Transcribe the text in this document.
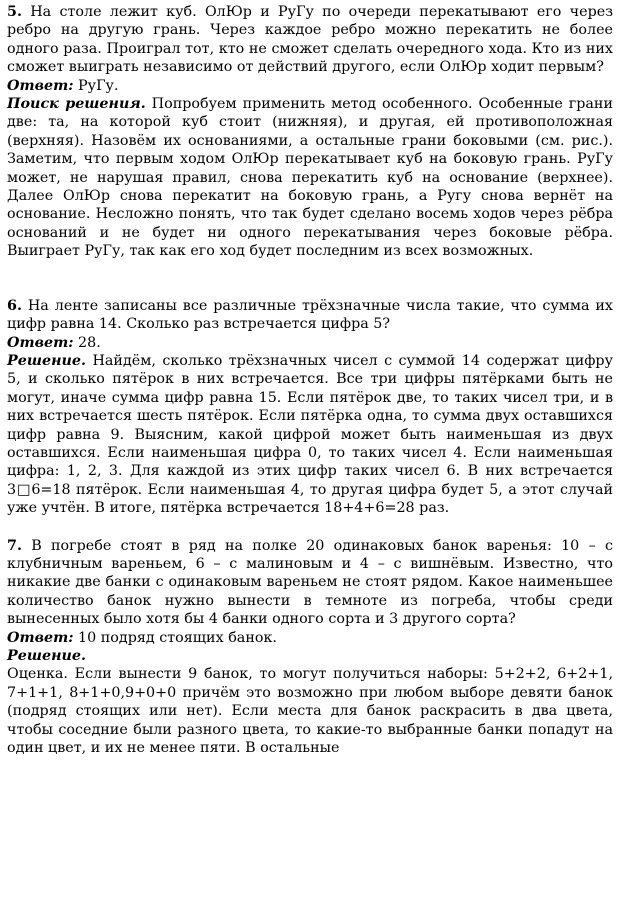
5. На столе лежит куб. ОлЮр и РуГу по очереди перекатывают его через ребро на другую грань. Через каждое ребро можно перекатить не более одного раза. Проиграл тот, кто не сможет сделать очередного хода. Кто из них сможет выиграть независимо от действий другого, если ОлЮр ходит первым?

Ответ: РуГу.

Поиск решения. Попробуем применить метод особенного. Особенные грани две: та, на которой куб стоит (нижняя), и другая, ей противоположная (верхняя). Назовём их основаниями, а остальные грани боковыми (см. рис.). Заметим, что первым ходом ОлЮр перекатывает куб на боковую грань. РуГу может, не нарушая правил, снова перекатить куб на основание (верхнее). Далее ОлЮр снова перекатит на боковую грань, а Ругу снова вернёт на основание. Несложно понять, что так будет сделано восемь ходов через рёбра оснований и не будет ни одного перекатывания через боковые рёбра. Выиграет РуГу, так как его ход будет последним из всех возможных.

6. На ленте записаны все различные трёхзначные числа такие, что сумма их цифр равна 14. Сколько раз встречается цифра 5?

Ответ: 28.

Решение. Найдём, сколько трёхзначных чисел с суммой 14 содержат цифру 5, и сколько пятёрок в них встречается. Все три цифры пятёрками быть не могут, иначе сумма цифр равна 15. Если пятёрок две, то таких чисел три, и в них встречается шесть пятёрок. Если пятёрка одна, то сумма двух оставшихся цифр равна 9. Выясним, какой цифрой может быть наименьшая из двух оставшихся. Если наименьшая цифра 0, то таких чисел 4. Если наименьшая цифра: 1, 2, 3. Для каждой из этих цифр таких чисел 6. В них встречается 3□6=18 пятёрок. Если наименьшая 4, то другая цифра будет 5, а этот случай уже учтён. В итоге, пятёрка встречается 18+4+6=28 раз.

7. В погребе стоят в ряд на полке 20 одинаковых банок варенья: 10 – с клубничным вареньем, 6 – с малиновым и 4 – с вишнёвым. Известно, что никакие две банки с одинаковым вареньем не стоят рядом. Какое наименьшее количество банок нужно вынести в темноте из погреба, чтобы среди вынесенных было хотя бы 4 банки одного сорта и 3 другого сорта?

Ответ: 10 подряд стоящих банок.

Решение.

Оценка. Если вынести 9 банок, то могут получиться наборы: 5+2+2, 6+2+1, 7+1+1, 8+1+0,9+0+0 причём это возможно при любом выборе девяти банок (подряд стоящих или нет). Если места для банок раскрасить в два цвета, чтобы соседние были разного цвета, то какие-то выбранные банки попадут на один цвет, и их не менее пяти. В остальные
